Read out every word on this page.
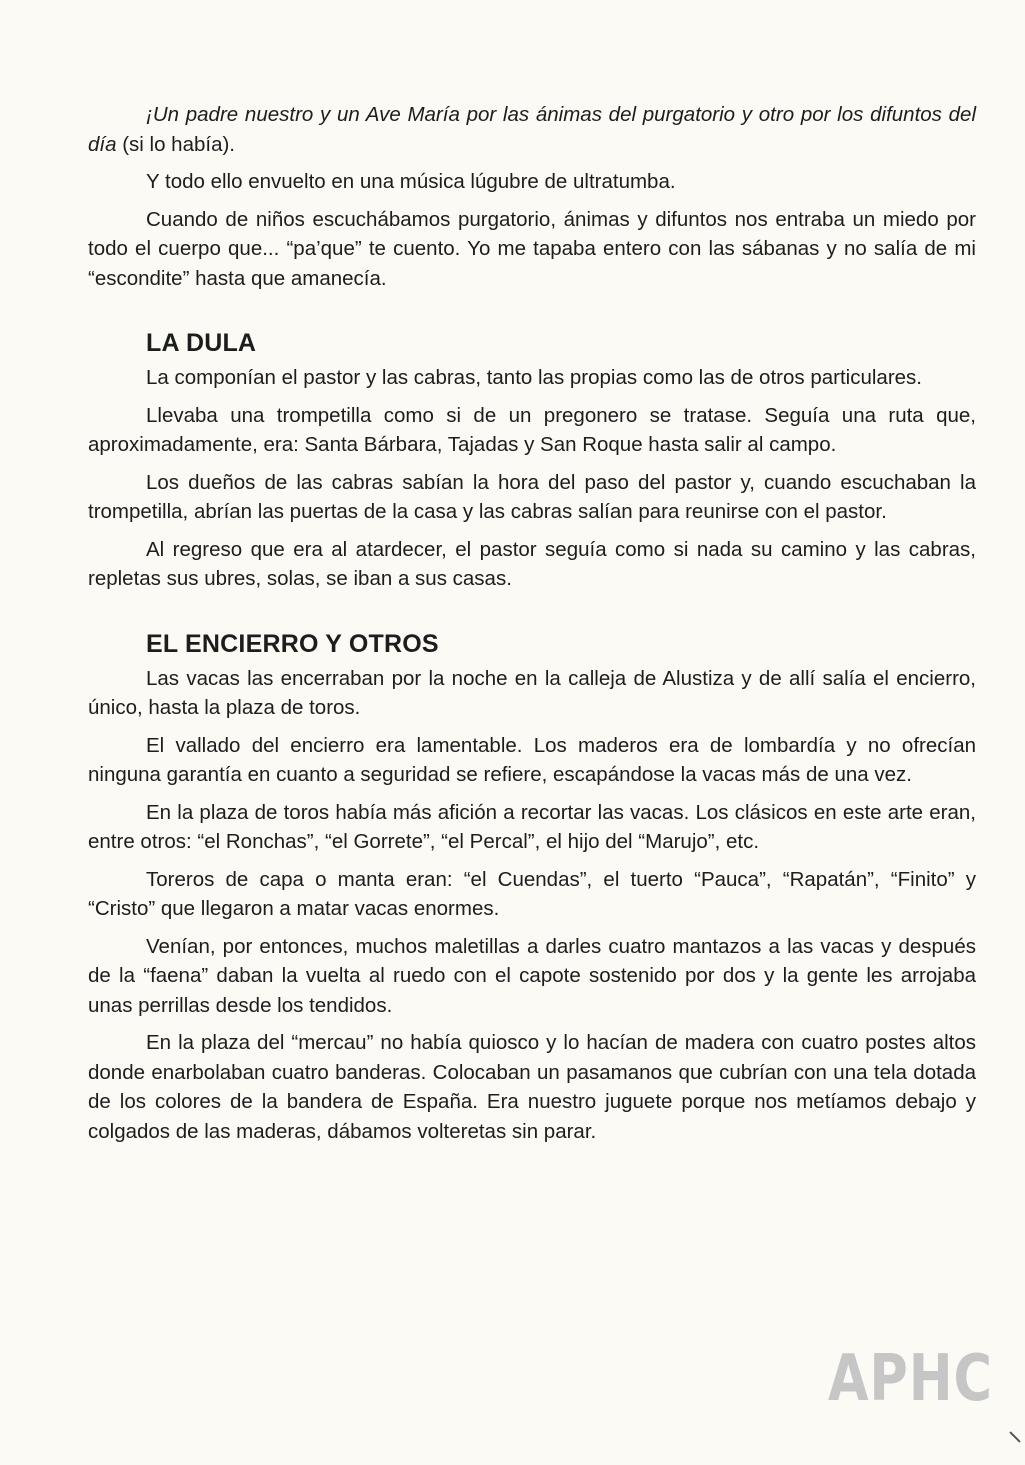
¡Un padre nuestro y un Ave María por las ánimas del purgatorio y otro por los difuntos del día (si lo había).

Y todo ello envuelto en una música lúgubre de ultratumba.

Cuando de niños escuchábamos purgatorio, ánimas y difuntos nos entraba un miedo por todo el cuerpo que... “pa’que” te cuento. Yo me tapaba entero con las sábanas y no salía de mi “escondite” hasta que amanecía.

LA DULA

La componían el pastor y las cabras, tanto las propias como las de otros particulares.

Llevaba una trompetilla como si de un pregonero se tratase. Seguía una ruta que, aproximadamente, era: Santa Bárbara, Tajadas y San Roque hasta salir al campo.

Los dueños de las cabras sabían la hora del paso del pastor y, cuando escuchaban la trompetilla, abrían las puertas de la casa y las cabras salían para reunirse con el pastor.

Al regreso que era al atardecer, el pastor seguía como si nada su camino y las cabras, repletas sus ubres, solas, se iban a sus casas.

EL ENCIERRO Y OTROS

Las vacas las encerraban por la noche en la calleja de Alustiza y de allí salía el encierro, único, hasta la plaza de toros.

El vallado del encierro era lamentable. Los maderos era de lombardía y no ofrecían ninguna garantía en cuanto a seguridad se refiere, escapándose la vacas más de una vez.

En la plaza de toros había más afición a recortar las vacas. Los clásicos en este arte eran, entre otros: “el Ronchas”, “el Gorrete”, “el Percal”, el hijo del “Marujo”, etc.

Toreros de capa o manta eran: “el Cuendas”, el tuerto “Pauca”, “Rapatán”, “Finito” y “Cristo” que llegaron a matar vacas enormes.

Venían, por entonces, muchos maletillas a darles cuatro mantazos a las vacas y después de la “faena” daban la vuelta al ruedo con el capote sostenido por dos y la gente les arrojaba unas perrillas desde los tendidos.

En la plaza del “mercau” no había quiosco y lo hacían de madera con cuatro postes altos donde enarbolaban cuatro banderas. Colocaban un pasamanos que cubrían con una tela dotada de los colores de la bandera de España. Era nuestro juguete porque nos metíamos debajo y colgados de las maderas, dábamos volteretas sin parar.

APHC
